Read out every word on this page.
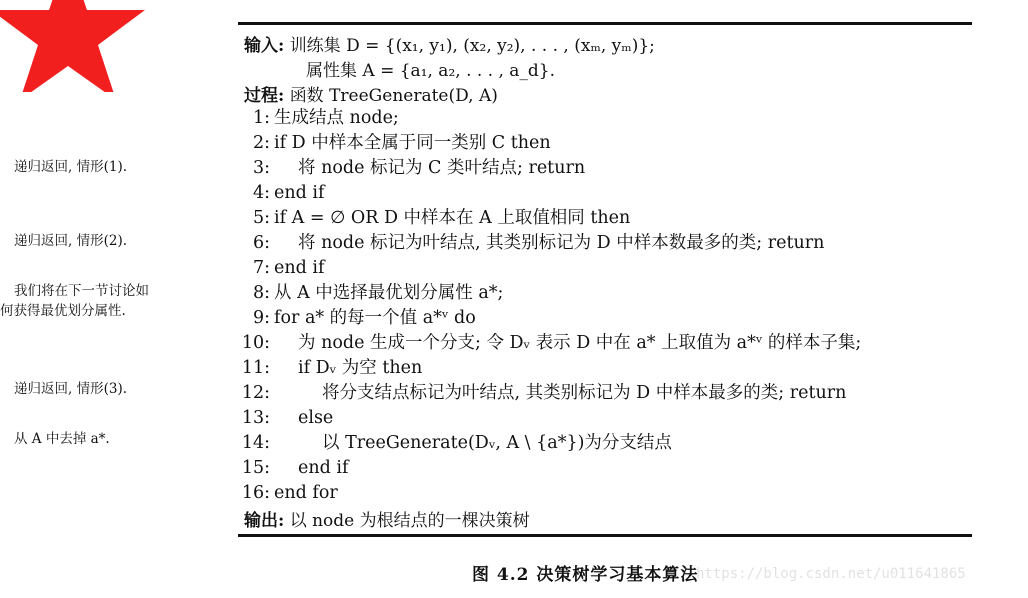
输入: 训练集 D = {(x₁, y₁), (x₂, y₂), . . . , (xₘ, yₘ)};
属性集 A = {a₁, a₂, . . . , a_d}.
过程: 函数 TreeGenerate(D, A)
1: 生成结点 node;
2: if D 中样本全属于同一类别 C then
3: 将 node 标记为 C 类叶结点; return
4: end if
5: if A = ∅ OR D 中样本在 A 上取值相同 then
6: 将 node 标记为叶结点, 其类别标记为 D 中样本数最多的类; return
7: end if
8: 从 A 中选择最优划分属性 a*;
9: for a* 的每一个值 a*ᵛ do
10: 为 node 生成一个分支; 令 Dᵥ 表示 D 中在 a* 上取值为 a*ᵛ 的样本子集;
11: if Dᵥ 为空 then
12:	将分支结点标记为叶结点, 其类别标记为 D 中样本最多的类; return
13: else
14:	以 TreeGenerate(Dᵥ, A \ {a*})为分支结点
15: end if
16: end for
输出: 以 node 为根结点的一棵决策树
递归返回, 情形(1).
递归返回, 情形(2).
我们将在下一节讨论如
何获得最优划分属性.
递归返回, 情形(3).
从 A 中去掉 a*.
图 4.2 决策树学习基本算法
https://blog.csdn.net/u011641865
